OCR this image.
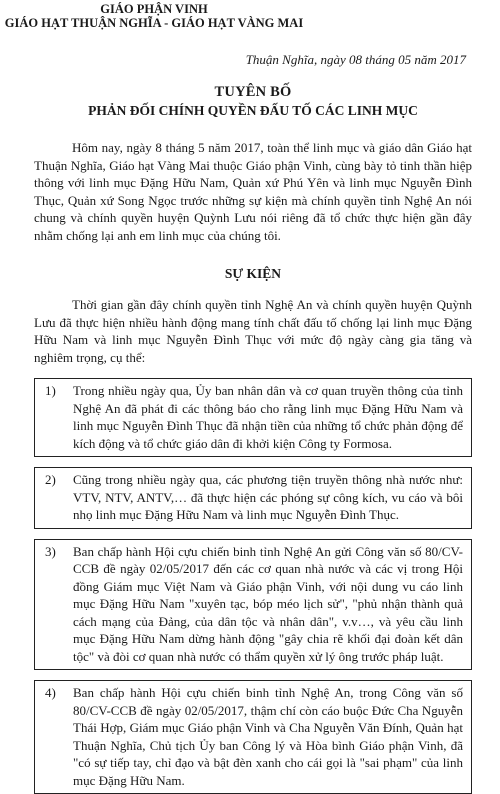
GIÁO PHẬN VINH
GIÁO HẠT THUẬN NGHĨA - GIÁO HẠT VÀNG MAI
Thuận Nghĩa, ngày 08 tháng 05 năm 2017
TUYÊN BỐ
PHẢN ĐỐI CHÍNH QUYỀN ĐẤU TỐ CÁC LINH MỤC

Hôm nay, ngày 8 tháng 5 năm 2017, toàn thể linh mục và giáo dân Giáo hạt Thuận Nghĩa, Giáo hạt Vàng Mai thuộc Giáo phận Vinh, cùng bày tỏ tinh thần hiệp thông với linh mục Đặng Hữu Nam, Quản xứ Phú Yên và linh mục Nguyễn Đình Thục, Quản xứ Song Ngọc trước những sự kiện mà chính quyền tỉnh Nghệ An nói chung và chính quyền huyện Quỳnh Lưu nói riêng đã tổ chức thực hiện gần đây nhằm chống lại anh em linh mục của chúng tôi.

SỰ KIỆN

Thời gian gần đây chính quyền tỉnh Nghệ An và chính quyền huyện Quỳnh Lưu đã thực hiện nhiều hành động mang tính chất đấu tố chống lại linh mục Đặng Hữu Nam và linh mục Nguyễn Đình Thục với mức độ ngày càng gia tăng và nghiêm trọng, cụ thể:

1)	Trong nhiều ngày qua, Ủy ban nhân dân và cơ quan truyền thông của tỉnh Nghệ An đã phát đi các thông báo cho rằng linh mục Đặng Hữu Nam và linh mục Nguyễn Đình Thục đã nhận tiền của những tổ chức phản động để kích động và tổ chức giáo dân đi khởi kiện Công ty Formosa.
2)	Cũng trong nhiều ngày qua, các phương tiện truyền thông nhà nước như: VTV, NTV, ANTV,… đã thực hiện các phóng sự công kích, vu cáo và bôi nhọ linh mục Đặng Hữu Nam và linh mục Nguyễn Đình Thục.
3)	Ban chấp hành Hội cựu chiến binh tỉnh Nghệ An gửi Công văn số 80/CV-CCB đề ngày 02/05/2017 đến các cơ quan nhà nước và các vị trong Hội đồng Giám mục Việt Nam và Giáo phận Vinh, với nội dung vu cáo linh mục Đặng Hữu Nam "xuyên tạc, bóp méo lịch sử", "phủ nhận thành quả cách mạng của Đảng, của dân tộc và nhân dân", v.v…, và yêu cầu linh mục Đặng Hữu Nam dừng hành động "gây chia rẽ khối đại đoàn kết dân tộc" và đòi cơ quan nhà nước có thẩm quyền xử lý ông trước pháp luật.
4)	Ban chấp hành Hội cựu chiến binh tỉnh Nghệ An, trong Công văn số 80/CV-CCB đề ngày 02/05/2017, thậm chí còn cáo buộc Đức Cha Nguyễn Thái Hợp, Giám mục Giáo phận Vinh và Cha Nguyễn Văn Đính, Quản hạt Thuận Nghĩa, Chủ tịch Ủy ban Công lý và Hòa bình Giáo phận Vinh, đã "có sự tiếp tay, chỉ đạo và bật đèn xanh cho cái gọi là "sai phạm" của linh mục Đặng Hữu Nam.
